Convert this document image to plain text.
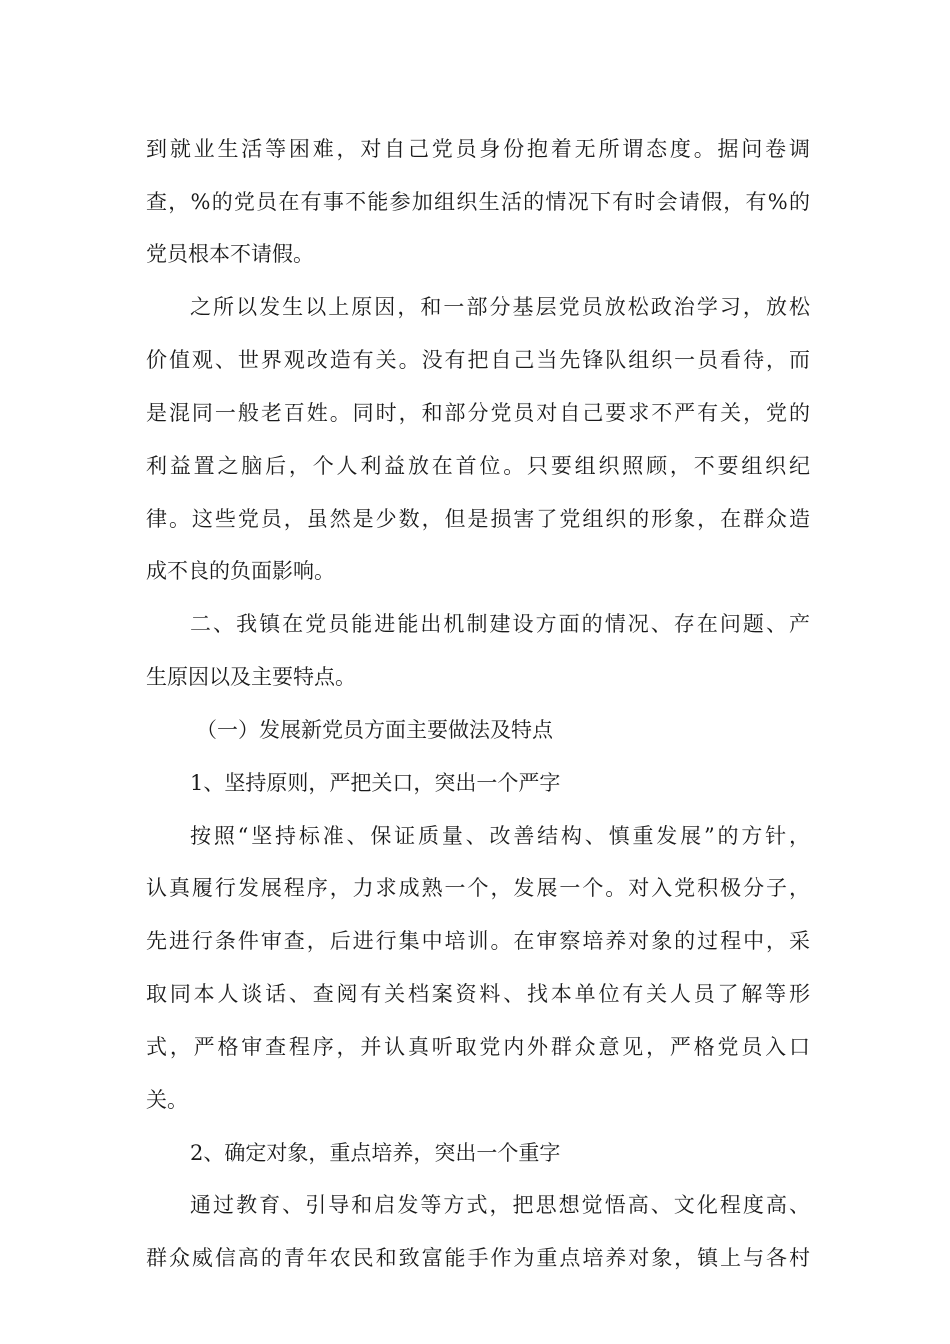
到就业生活等困难，对自己党员身份抱着无所谓态度。据问卷调
查，%的党员在有事不能参加组织生活的情况下有时会请假，有%的
党员根本不请假。
之所以发生以上原因，和一部分基层党员放松政治学习，放松
价值观、世界观改造有关。没有把自己当先锋队组织一员看待，而
是混同一般老百姓。同时，和部分党员对自己要求不严有关，党的
利益置之脑后，个人利益放在首位。只要组织照顾，不要组织纪
律。这些党员，虽然是少数，但是损害了党组织的形象，在群众造
成不良的负面影响。
二、我镇在党员能进能出机制建设方面的情况、存在问题、产
生原因以及主要特点。
（一）发展新党员方面主要做法及特点
1、坚持原则，严把关口，突出一个严字
按照“坚持标准、保证质量、改善结构、慎重发展”的方针，
认真履行发展程序，力求成熟一个，发展一个。对入党积极分子，
先进行条件审查，后进行集中培训。在审察培养对象的过程中，采
取同本人谈话、查阅有关档案资料、找本单位有关人员了解等形
式，严格审查程序，并认真听取党内外群众意见，严格党员入口
关。
2、确定对象，重点培养，突出一个重字
通过教育、引导和启发等方式，把思想觉悟高、文化程度高、
群众威信高的青年农民和致富能手作为重点培养对象，镇上与各村
